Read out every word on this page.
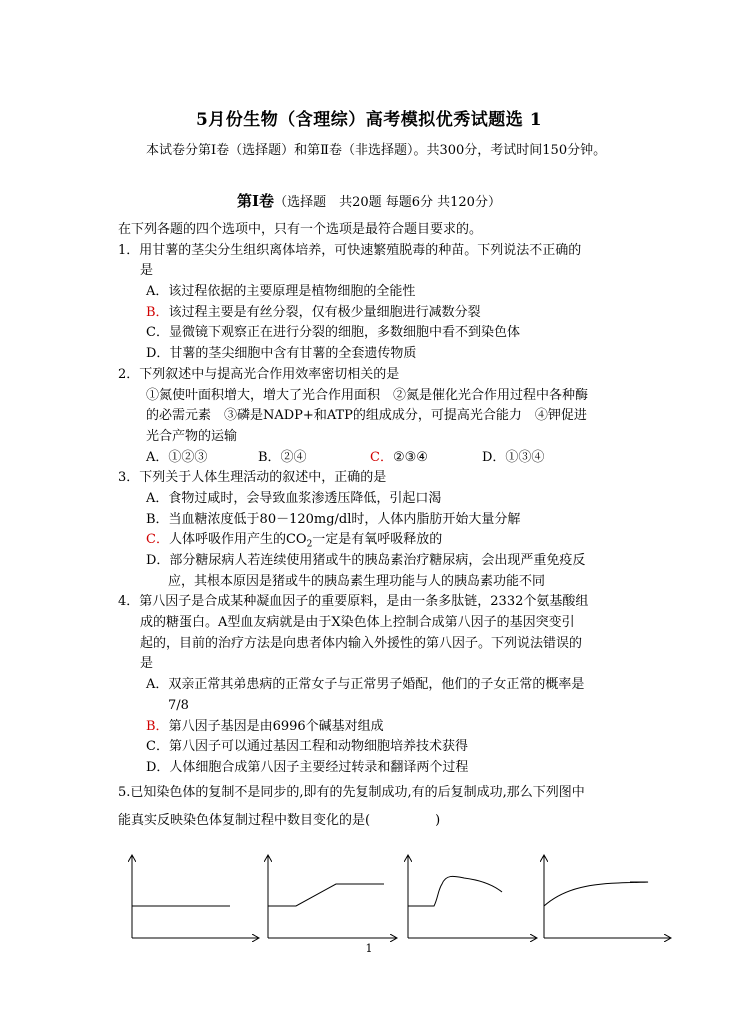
5月份生物（含理综）高考模拟优秀试题选 1
本试卷分第Ⅰ卷（选择题）和第Ⅱ卷（非选择题）。共300分，考试时间150分钟。
第Ⅰ卷（选择题　共20题 每题6分 共120分）
在下列各题的四个选项中，只有一个选项是最符合题目要求的。
1．用甘薯的茎尖分生组织离体培养，可快速繁殖脱毒的种苗。下列说法不正确的
是
A．该过程依据的主要原理是植物细胞的全能性
B．该过程主要是有丝分裂，仅有极少量细胞进行减数分裂
C．显微镜下观察正在进行分裂的细胞，多数细胞中看不到染色体
D．甘薯的茎尖细胞中含有甘薯的全套遗传物质
2．下列叙述中与提高光合作用效率密切相关的是
①氮使叶面积增大，增大了光合作用面积　②氮是催化光合作用过程中各种酶
的必需元素　③磷是NADP+和ATP的组成成分，可提高光合能力　④钾促进
光合产物的运输
A．①②③	B．②④	C．②③④	D．①③④
3．下列关于人体生理活动的叙述中，正确的是
A．食物过咸时，会导致血浆渗透压降低，引起口渴
B．当血糖浓度低于80－120mg/dl时，人体内脂肪开始大量分解
C．人体呼吸作用产生的$CO_2$一定是有氧呼吸释放的
D．部分糖尿病人若连续使用猪或牛的胰岛素治疗糖尿病，会出现严重免疫反
应，其根本原因是猪或牛的胰岛素生理功能与人的胰岛素功能不同
4．第八因子是合成某种凝血因子的重要原料，是由一条多肽链，2332个氨基酸组
成的糖蛋白。A型血友病就是由于X染色体上控制合成第八因子的基因突变引
起的，目前的治疗方法是向患者体内输入外援性的第八因子。下列说法错误的
是
A．双亲正常其弟患病的正常女子与正常男子婚配，他们的子女正常的概率是
7/8
B．第八因子基因是由6996个碱基对组成
C．第八因子可以通过基因工程和动物细胞培养技术获得
D．人体细胞合成第八因子主要经过转录和翻译两个过程
5.已知染色体的复制不是同步的,即有的先复制成功,有的后复制成功,那么下列图中
能真实反映染色体复制过程中数目变化的是(　　　　　)
1
